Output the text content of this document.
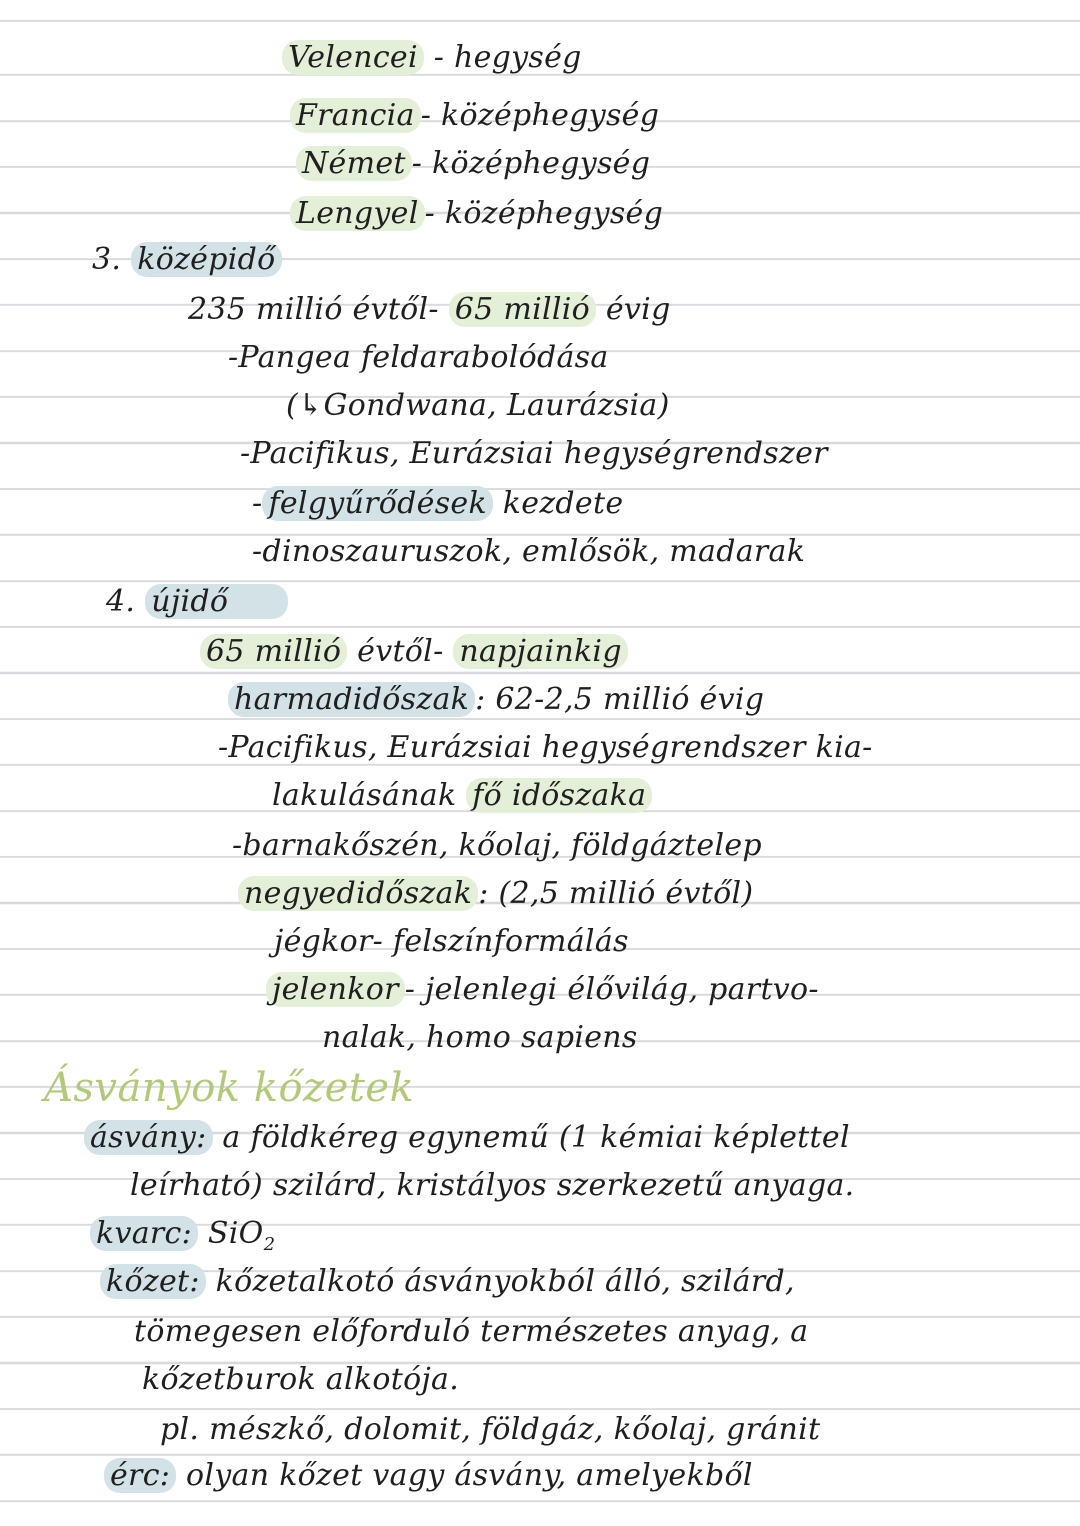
Velencei - hegység
Francia - középhegység
Német - középhegység
Lengyel - középhegység
3. középidő
235 millió évtől- 65 millió évig
-Pangea feldarabolódása
(↳Gondwana, Laurázsia)
-Pacifikus, Eurázsiai hegységrendszer
- felgyűrődések kezdete
-dinoszauruszok, emlősök, madarak
4. újidő
65 millió évtől- napjainkig
harmadidőszak : 62-2,5 millió évig
-Pacifikus, Eurázsiai hegységrendszer kia-
lakulásának fő időszaka
-barnakőszén, kőolaj, földgáztelep
negyedidőszak : (2,5 millió évtől)
jégkor- felszínformálás
jelenkor - jelenlegi élővilág, partvo-
nalak, homo sapiens
Ásványok kőzetek
ásvány: a földkéreg egynemű (1 kémiai képlettel
leírható) szilárd, kristályos szerkezetű anyaga.
kvarc: SiO$_2$
kőzet: kőzetalkotó ásványokból álló, szilárd,
tömegesen előforduló természetes anyag, a
kőzetburok alkotója.
pl. mészkő, dolomit, földgáz, kőolaj, gránit
érc: olyan kőzet vagy ásvány, amelyekből
